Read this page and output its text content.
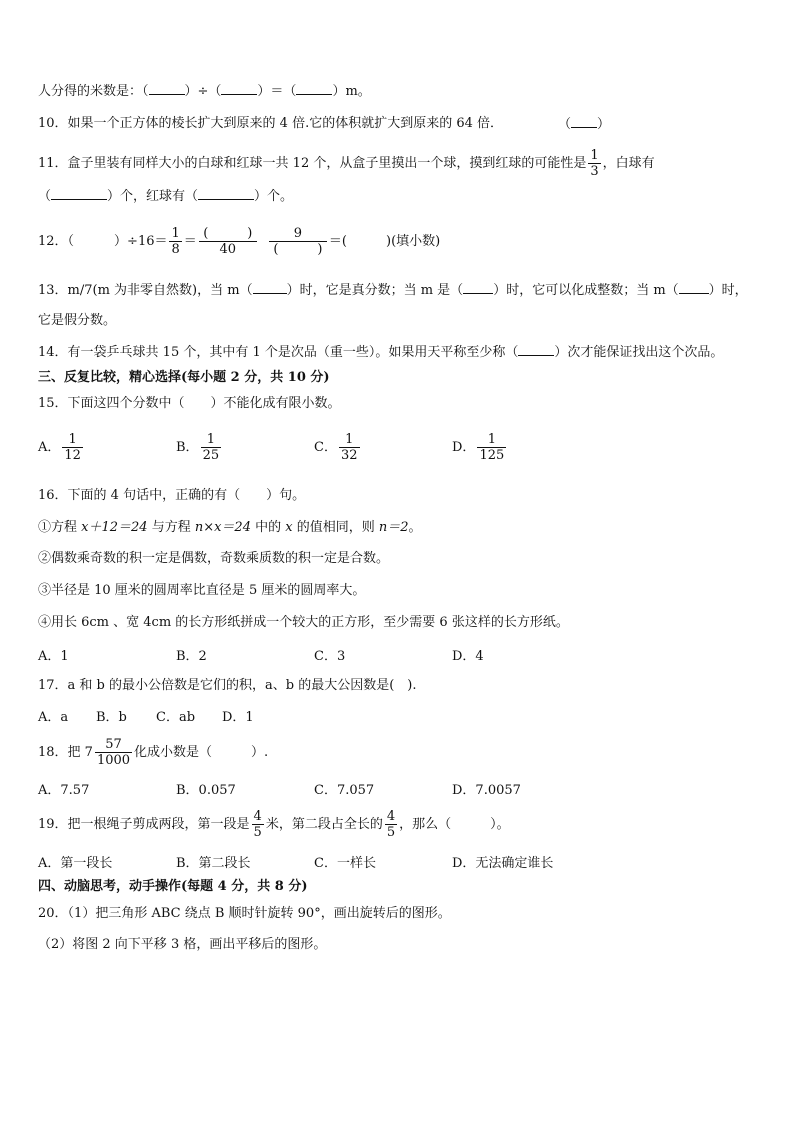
人分得的米数是：（	）÷（	）＝（	）m。
10．如果一个正方体的棱长扩大到原来的 4 倍.它的体积就扩大到原来的 64 倍．	（ ）
11．盒子里装有同样大小的白球和红球一共 12 个，从盒子里摸出一个球，摸到红球的可能性是 $\frac{1}{3}$ ，白球有
（	）个，红球有（	）个。
12．（	）$\div 16= \frac{1}{8} = \frac{( )}{40}$
$\frac{9}{( )}$ ＝(　　　)(填小数)
13．m/7(m 为非零自然数)，当 m（	）时，它是真分数；当 m 是（ ）时，它可以化成整数；当 m（ ）时，
它是假分数。
14．有一袋乒乓球共 15 个，其中有 1 个是次品（重一些）。如果用天平称至少称（	）次才能保证找出这个次品。
三、反复比较，精心选择(每小题 2 分，共 10 分)
15．下面这四个分数中（　　）不能化成有限小数。
A． $\frac{1}{12}$	B． $\frac{1}{25}$	C． $\frac{1}{32}$	D． $\frac{1}{125}$
16．下面的 4 句话中，正确的有（　　）句。
①方程 x＋12＝24 与方程 n×x＝24 中的 x 的值相同，则 n＝2。
②偶数乘奇数的积一定是偶数，奇数乘质数的积一定是合数。
③半径是 10 厘米的圆周率比直径是 5 厘米的圆周率大。
④用长 6cm 、宽 4cm 的长方形纸拼成一个较大的正方形，至少需要 6 张这样的长方形纸。
A．1	B．2	C．3	D．4
17．a 和 b 的最小公倍数是它们的积，a、b 的最大公因数是(　).
A．a B．b C．ab D．1
18．把 $7 \frac{57}{1000}$ 化成小数是（　　　）.
A．7.57	B．0.057	C．7.057	D．7.0057
19．把一根绳子剪成两段，第一段是 $\frac{4}{5}$ 米，第二段占全长的 $\frac{4}{5}$ ，那么（　　　）。
A．第一段长	B．第二段长	C．一样长	D．无法确定谁长
四、动脑思考，动手操作(每题 4 分，共 8 分)
20．（1）把三角形 ABC 绕点 B 顺时针旋转 90°，画出旋转后的图形。
（2）将图 2 向下平移 3 格，画出平移后的图形。
